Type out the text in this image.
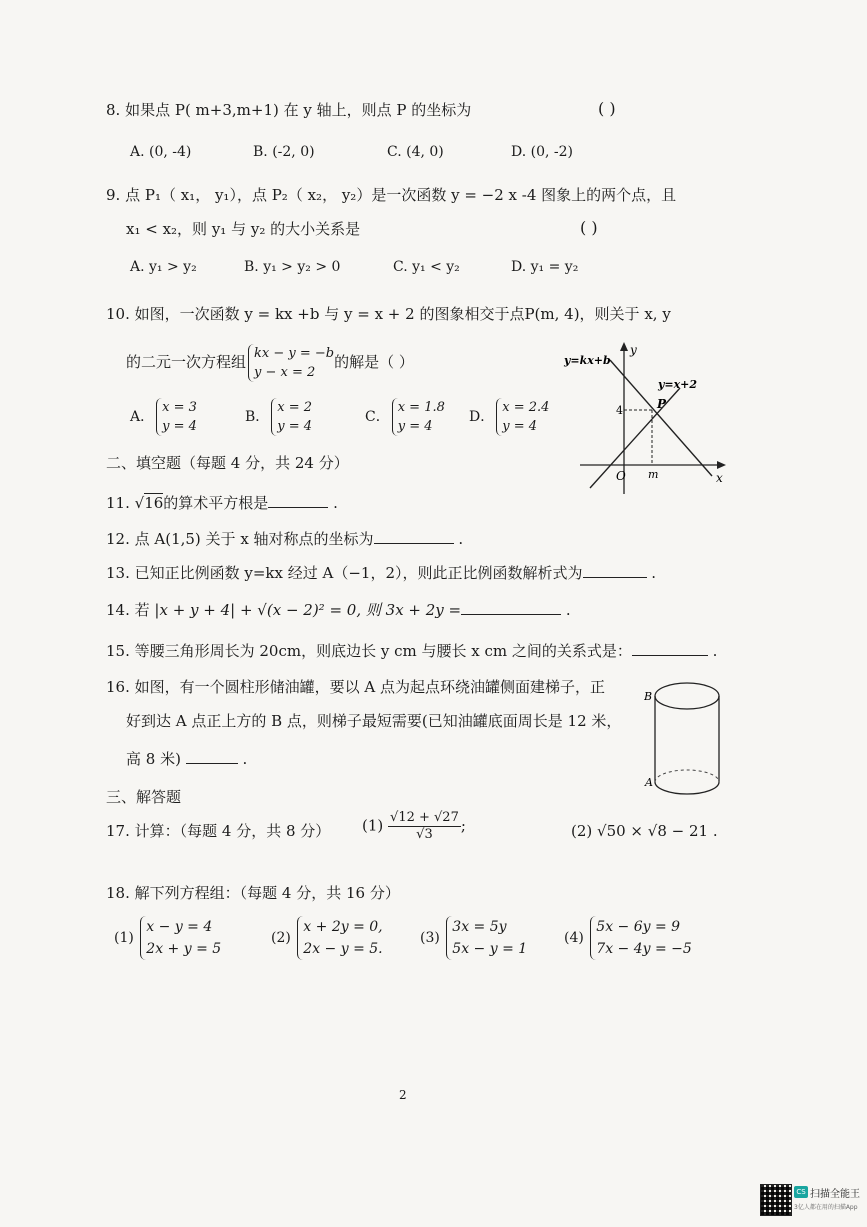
8. 如果点 P( m+3,m+1) 在 y 轴上，则点 P 的坐标为	( )
A. (0, -4)	B. (-2, 0)	C. (4, 0)	D. (0, -2)
9. 点 P₁（ x₁， y₁），点 P₂（ x₂， y₂）是一次函数 y = −2 x -4 图象上的两个点，且
x₁ < x₂，则 y₁ 与 y₂ 的大小关系是	( )
A. y₁ > y₂	B. y₁ > y₂ > 0	C. y₁ < y₂	D. y₁ = y₂
10. 如图，一次函数 y = kx +b 与 y = x + 2 的图象相交于点P(m, 4)，则关于 x, y
的二元一次方程组 kx − y = −b
y − x = 2
的解是（ ）
A．
x = 3
y = 4
B．
x = 2
y = 4
C．
x = 1.8
y = 4
D．
x = 2.4
y = 4
y=kx+b
y=x+2
y
x
O
4
m
P
二、填空题（每题 4 分，共 24 分）
11. √16的算术平方根是	.
12. 点 A(1,5) 关于 x 轴对称点的坐标为	.
13. 已知正比例函数 y=kx 经过 A（−1，2），则此正比例函数解析式为	.
14. 若 |x + y + 4| + √(x − 2)² = 0, 则 3x + 2y =	.
15. 等腰三角形周长为 20cm，则底边长 y cm 与腰长 x cm 之间的关系式是：	.
16. 如图，有一个圆柱形储油罐，要以 A 点为起点环绕油罐侧面建梯子，正
好到达 A 点正上方的 B 点，则梯子最短需要(已知油罐底面周长是 12 米，
高 8 米)	.
B
A
三、解答题
17. 计算：（每题 4 分，共 8 分） $(1) \frac{√12 + √27}{√3}$ ;	(2) √50 × √8 − 21 .
18. 解下列方程组：（每题 4 分，共 16 分）
(1)
x − y = 4
2x + y = 5
(2)
x + 2y = 0,
2x − y = 5.
(3)
3x = 5y
5x − y = 1
(4)
5x − 6y = 9
7x − 4y = −5
2
CS 扫描全能王
3亿人都在用的扫描App
